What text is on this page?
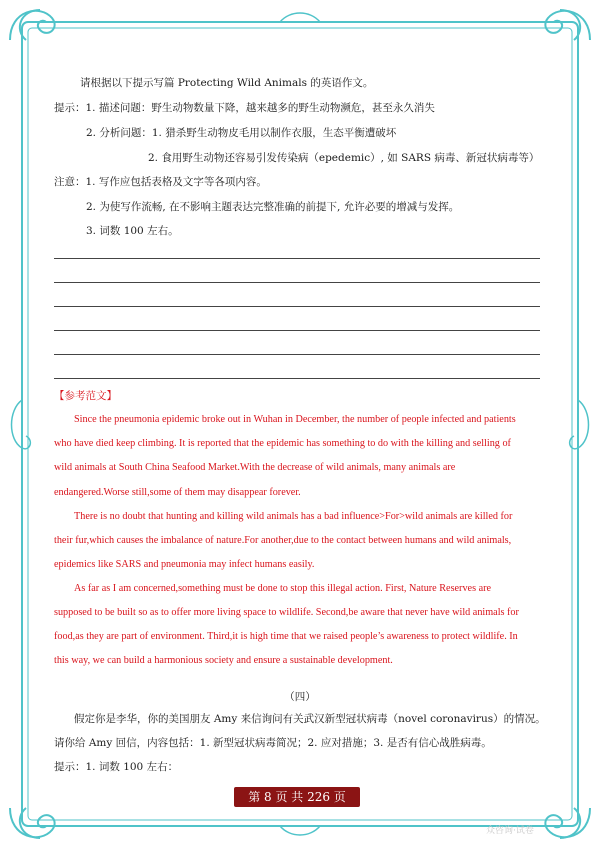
请根据以下提示写篇 Protecting Wild Animals 的英语作文。
提示：1. 描述问题：野生动物数量下降，越来越多的野生动物濒危，甚至永久消失
2. 分析问题：1. 猎杀野生动物皮毛用以制作衣服，生态平衡遭破坏
2. 食用野生动物还容易引发传染病（epedemic）, 如 SARS 病毒、新冠状病毒等）
注意：1. 写作应包括表格及文字等各项内容。
2. 为使写作流畅, 在不影响主题表达完整准确的前提下, 允许必要的增减与发挥。
3. 词数 100 左右。
【参考范文】
Since the pneumonia epidemic broke out in Wuhan in December, the number of people infected and patients
who have died keep climbing. It is reported that the epidemic has something to do with the killing and selling of
wild animals at South China Seafood Market.With the decrease of wild animals, many animals are
endangered.Worse still,some of them may disappear forever.
There is no doubt that hunting and killing wild animals has a bad influence>For>wild animals are killed for
their fur,which causes the imbalance of nature.For another,due to the contact between humans and wild animals,
epidemics like SARS and pneumonia may infect humans easily.
As far as I am concerned,something must be done to stop this illegal action. First, Nature Reserves are
supposed to be built so as to offer more living space to wildlife. Second,be aware that never have wild animals for
food,as they are part of environment. Third,it is high time that we raised people’s awareness to protect wildlife. In
this way, we can build a harmonious society and ensure a sustainable development.
（四）
假定你是李华，你的美国朋友 Amy 来信询问有关武汉新型冠状病毒（novel coronavirus）的情况。
请你给 Amy 回信，内容包括：1. 新型冠状病毒简况；2. 应对措施；3. 是否有信心战胜病毒。
提示：1. 词数 100 左右：
第 8 页 共 226 页
众咨询·试卷
